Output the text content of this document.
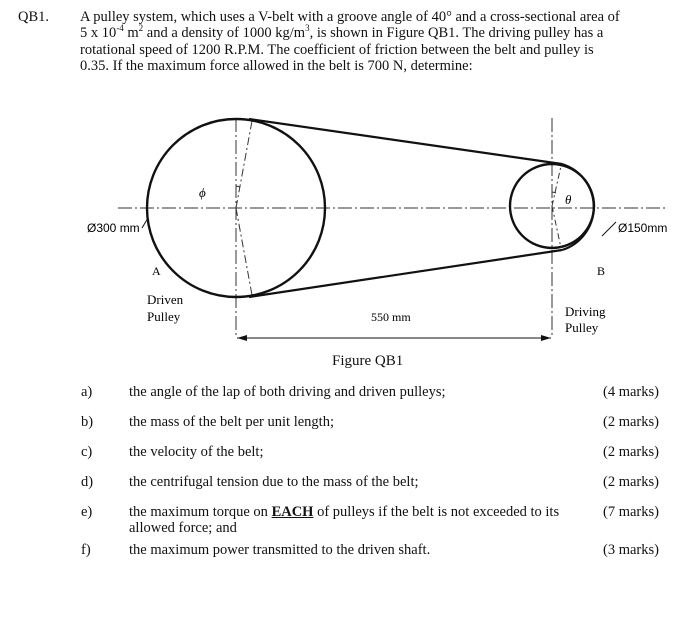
QB1. A pulley system, which uses a V-belt with a groove angle of 40° and a cross-sectional area of

5 x $10^{-4}$ $m^2$ and a density of 1000 $kg/m^3$, is shown in Figure QB1. The driving pulley has a

rotational speed of 1200 R.P.M. The coefficient of friction between the belt and pulley is

0.35. If the maximum force allowed in the belt is 700 N, determine:

ϕ	θ
Ø300 mm	Ø150mm
A	B
Driven
Pulley	Driving
Pulley
550 mm
Figure QB1
a)	the angle of the lap of both driving and driven pulleys;	(4 marks)
b) the mass of the belt per unit length;	(2 marks)
c)	the velocity of the belt;	(2 marks)
d) the centrifugal tension due to the mass of the belt;	(2 marks)
e)	the maximum torque on EACH of pulleys if the belt is not exceeded to its allowed force; and
(7 marks)
f)	the maximum power transmitted to the driven shaft.	(3 marks)
